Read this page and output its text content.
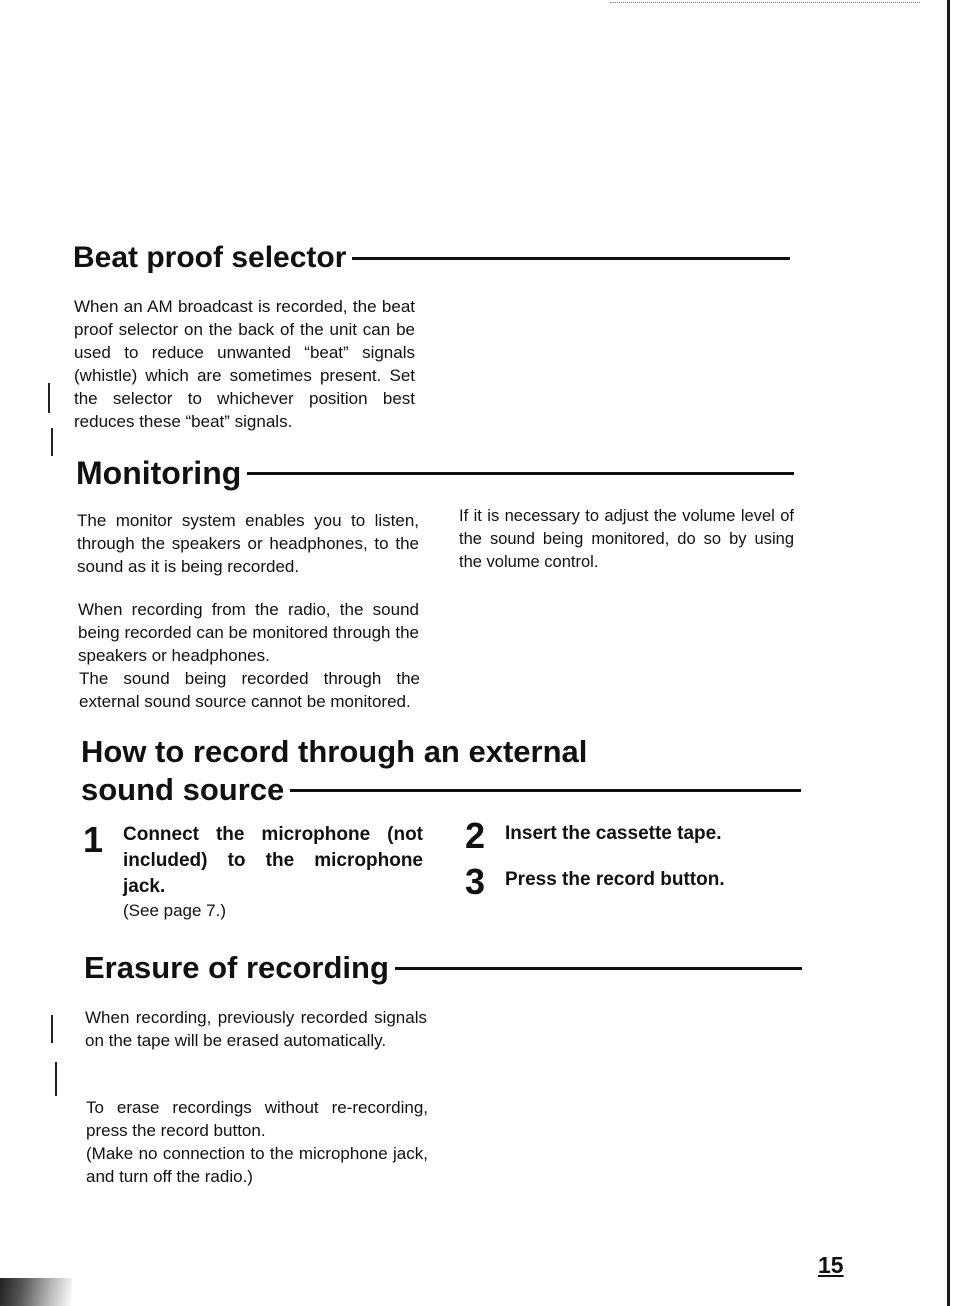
Beat proof selector

When an AM broadcast is recorded, the beat proof selector on the back of the unit can be used to reduce unwanted “beat” signals (whistle) which are sometimes present. Set the selector to whichever position best reduces these “beat” signals.

Monitoring

The monitor system enables you to listen, through the speakers or headphones, to the sound as it is being recorded.

When recording from the radio, the sound being recorded can be monitored through the speakers or headphones.

The sound being recorded through the external sound source cannot be monitored.

If it is necessary to adjust the volume level of the sound being monitored, do so by using the volume control.

How to record through an external
sound source
1	Connect the microphone (not included) to the microphone jack.
(See page 7.)
2	Insert the cassette tape.
3	Press the record button.
Erasure of recording

When recording, previously recorded signals on the tape will be erased automatically.

To erase recordings without re-recording, press the record button.

(Make no connection to the microphone jack, and turn off the radio.)

15
